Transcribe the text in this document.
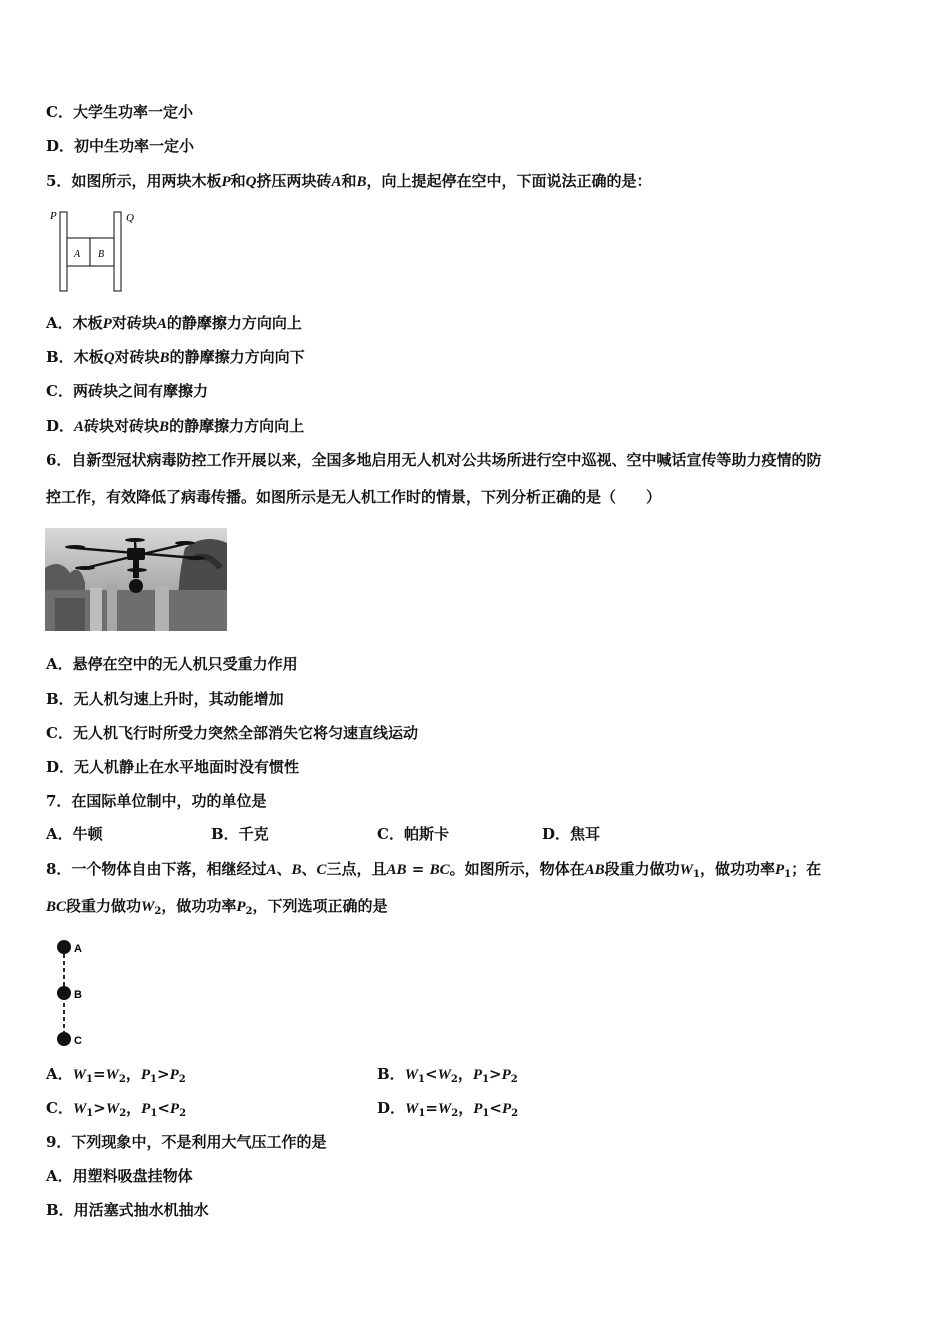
C．大学生功率一定小
D．初中生功率一定小
5．如图所示，用两块木板P和Q挤压两块砖A和B，向上提起停在空中，下面说法正确的是：
P	Q
A B
A．木板P对砖块A的静摩擦力方向向上
B．木板Q对砖块B的静摩擦力方向向下
C．两砖块之间有摩擦力
D．A砖块对砖块B的静摩擦力方向向上
6．自新型冠状病毒防控工作开展以来，全国多地启用无人机对公共场所进行空中巡视、空中喊话宣传等助力疫情的防
控工作，有效降低了病毒传播。如图所示是无人机工作时的情景，下列分析正确的是（　　）
A．悬停在空中的无人机只受重力作用
B．无人机匀速上升时，其动能增加
C．无人机飞行时所受力突然全部消失它将匀速直线运动
D．无人机静止在水平地面时没有惯性
7．在国际单位制中，功的单位是
A．牛顿	B．千克	C．帕斯卡	D．焦耳
8．一个物体自由下落，相继经过A、B、C三点，且AB = BC。如图所示，物体在AB段重力做功$W_1$，做功功率$P_1$；在
BC段重力做功$W_2$，做功功率$P_2$，下列选项正确的是
A
B
C
A．$W_1=W_2$，$P_1>P_2$	B．$W_1<W_2$，$P_1>P_2$
C．$W_1>W_2$，$P_1<P_2$	D．$W_1=W_2$，$P_1<P_2$
9．下列现象中，不是利用大气压工作的是
A．用塑料吸盘挂物体
B．用活塞式抽水机抽水
